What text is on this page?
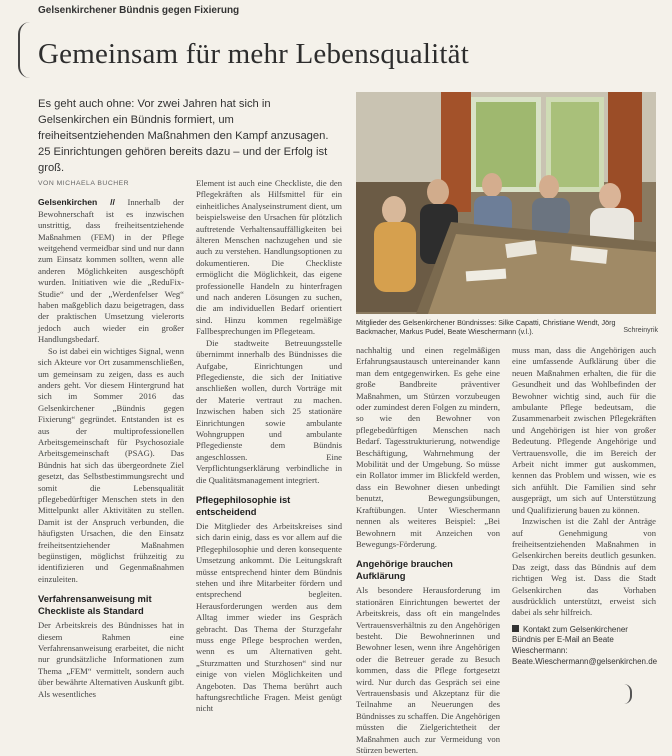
Gelsenkirchener Bündnis gegen Fixierung
Gemeinsam für mehr Lebensqualität
Es geht auch ohne: Vor zwei Jahren hat sich in Gelsenkirchen ein Bündnis formiert, um freiheitsentziehenden Maßnahmen den Kampf anzusagen. 25 Einrichtungen gehören bereits dazu – und der Erfolg ist groß.
Mitglieder des Gelsenkirchener Bündnisses: Silke Capatti, Christiane Wendt, Jörg Backmacher, Markus Pudel, Beate Wieschermann (v.l.).	Schreinyrik

VON MICHAELA BUCHER

Gelsenkirchen // Innerhalb der Bewohnerschaft ist es inzwischen unstrittig, dass freiheitsentziehende Maßnahmen (FEM) in der Pflege weitgehend vermeidbar sind und nur dann zum Einsatz kommen sollten, wenn alle anderen Möglichkeiten ausgeschöpft wurden. Initiativen wie die „ReduFix-Studie“ und der „Werdenfelser Weg“ haben maßgeblich dazu beigetragen, dass der praktischen Umsetzung vielerorts jedoch auch wieder ein großer Handlungsbedarf.

So ist dabei ein wichtiges Signal, wenn sich Akteure vor Ort zusammenschließen, um gemeinsam zu zeigen, dass es auch anders geht. Vor diesem Hintergrund hat sich im Sommer 2016 das Gelsenkirchener „Bündnis gegen Fixierung“ gegründet. Entstanden ist es aus der multiprofessionellen Arbeitsgemeinschaft für Psychosoziale Arbeitsgemeinschaft (PSAG). Das Bündnis hat sich das übergeordnete Ziel gesetzt, das Selbstbestimmungsrecht und somit die Lebensqualität pflegebedürftiger Menschen stets in den Mittelpunkt aller Aktivitäten zu stellen. Damit ist der Anspruch verbunden, die häufigsten Ursachen, die den Einsatz freiheitsentziehender Maßnahmen begünstigen, möglichst frühzeitig zu identifizieren und Gegenmaßnahmen einzuleiten.

Verfahrensanweisung mit Checkliste als Standard

Der Arbeitskreis des Bündnisses hat in diesem Rahmen eine Verfahrensanweisung erarbeitet, die nicht nur grundsätzliche Informationen zum Thema „FEM“ vermittelt, sondern auch über bewährte Alternativen Auskunft gibt. Als wesentliches

Element ist auch eine Checkliste, die den Pflegekräften als Hilfsmittel für ein einheitliches Analyseinstrument dient, um beispielsweise den Ursachen für plötzlich auftretende Verhaltensauffälligkeiten bei älteren Menschen nachzugehen und sie auch zu verstehen. Handlungsoptionen zu dokumentieren. Die Checkliste ermöglicht die Möglichkeit, das eigene professionelle Handeln zu hinterfragen und nach anderen Lösungen zu suchen, die am individuellen Bedarf orientiert sind. Hinzu kommen regelmäßige Fallbesprechungen im Pflegeteam.

Die stadtweite Betreuungsstelle übernimmt innerhalb des Bündnisses die Aufgabe, Einrichtungen und Pflegedienste, die sich der Initiative anschließen wollen, durch Vorträge mit der Materie vertraut zu machen. Inzwischen haben sich 25 stationäre Einrichtungen sowie ambulante Wohngruppen und ambulante Pflegedienste dem Bündnis angeschlossen. Eine Verpflichtungserklärung verbindliche in die Qualitätsmanagement integriert.

Pflegephilosophie ist entscheidend

Die Mitglieder des Arbeitskreises sind sich darin einig, dass es vor allem auf die Pflegephilosophie und deren konsequente Umsetzung ankommt. Die Leitungskraft müsse entsprechend hinter dem Bündnis stehen und ihre Mitarbeiter fördern und entsprechend begleiten. Herausforderungen werden aus dem Alltag immer wieder ins Gespräch gebracht. Das Thema der Sturzgefahr muss enge Pflege besprochen werden, wenn es um Alternativen geht. „Sturzmatten und Sturzhosen“ sind nur einige von vielen Möglichkeiten und Angeboten. Das Thema berührt auch haftungsrechtliche Fragen. Meist genügt nicht

nachhaltig und einen regelmäßigen Erfahrungsaustausch untereinander kann man dem entgegenwirken. Es gehe eine große Bandbreite präventiver Maßnahmen, um Stürzen vorzubeugen oder zumindest deren Folgen zu mindern, so wie den Bewohner von pflegebedürftigen Menschen nach Bedarf. Tagesstrukturierung, notwendige Beschäftigung, Wahrnehmung der Mobilität und der Umgebung. So müsse ein Rollator immer im Blickfeld werden, dass ein Bewohner diesen unbedingt benutzt, Bewegungsübungen, Kraftübungen. Unter Wieschermann nennen als weiteres Beispiel: „Bei Bewohnern mit Anzeichen von Bewegungs-Förderung.

Angehörige brauchen Aufklärung

Als besondere Herausforderung im stationären Einrichtungen bewertet der Arbeitskreis, dass oft ein mangelndes Vertrauensverhältnis zu den Angehörigen besteht. Die Bewohnerinnen und Bewohner lesen, wenn ihre Angehörigen oder die Betreuer gerade zu Besuch kommen, dass die Pflege fortgesetzt wird. Nur durch das Gespräch sei eine Vertrauensbasis und Akzeptanz für die Teilnahme an Neuerungen des Bündnisses zu schaffen. Die Angehörigen müssten die Zielgerichtetheit der Maßnahmen auch zur Vermeidung von Stürzen bewerten.

muss man, dass die Angehörigen auch eine umfassende Aufklärung über die neuen Maßnahmen erhalten, die für die Gesundheit und das Wohlbefinden der Bewohner wichtig sind, auch für die ambulante Pflege bedeutsam, die Zusammenarbeit zwischen Pflegekräften und Angehörigen ist hier von großer Bedeutung. Pflegende Angehörige und Vertrauensvolle, die im Bereich der Arbeit nicht immer gut auskommen, kennen das Problem und wissen, wie es sich anfühlt. Die Familien sind sehr ausgeprägt, um sich auf Unterstützung und Qualifizierung bauen zu können.

Inzwischen ist die Zahl der Anträge auf Genehmigung von freiheitsentziehenden Maßnahmen in Gelsenkirchen bereits deutlich gesunken. Das zeigt, dass das Bündnis auf dem richtigen Weg ist. Dass die Stadt Gelsenkirchen das Vorhaben ausdrücklich unterstützt, erweist sich dabei als sehr hilfreich.

Kontakt zum Gelsenkirchener Bündnis per E-Mail an Beate Wieschermann: Beate.Wieschermann@gelsenkirchen.de
